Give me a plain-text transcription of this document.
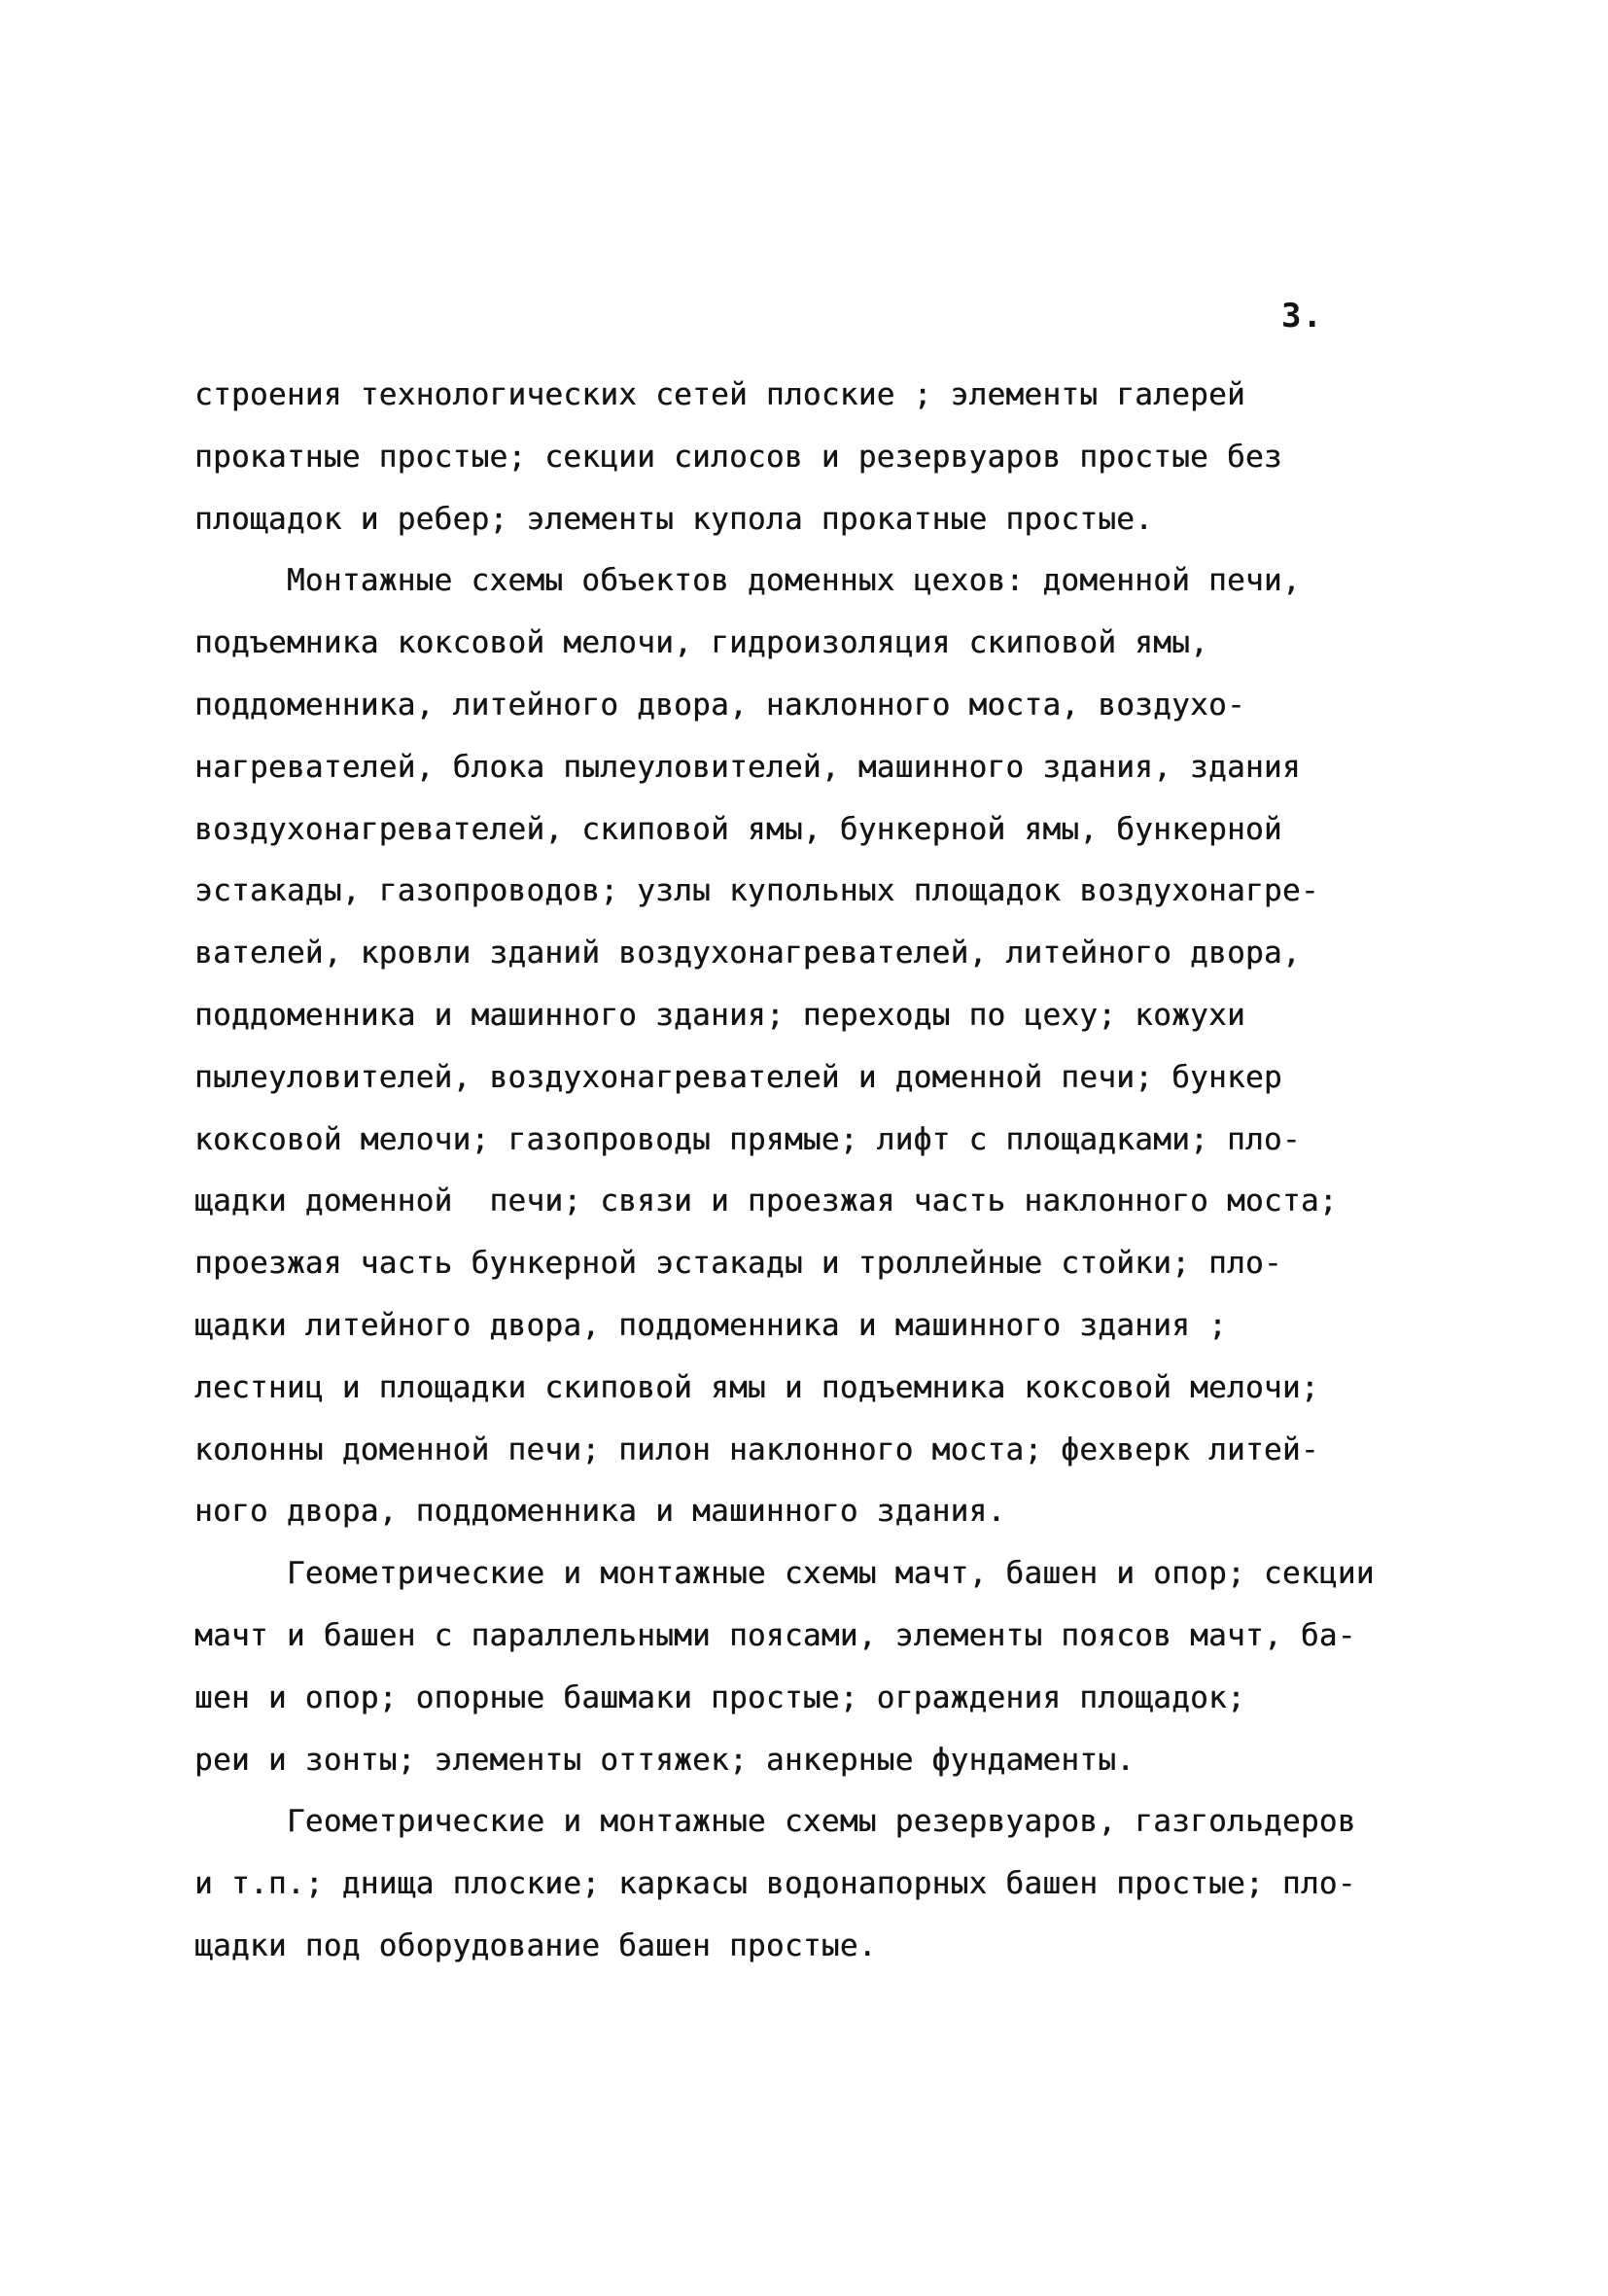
3.
строения технологических сетей плоские ; элементы галерей
прокатные простые; секции силосов и резервуаров простые без
площадок и ребер; элементы купола прокатные простые.
Монтажные схемы объектов доменных цехов: доменной печи,
подъемника коксовой мелочи, гидроизоляция скиповой ямы,
поддоменника, литейного двора, наклонного моста, воздухо-
нагревателей, блока пылеуловителей, машинного здания, здания
воздухонагревателей, скиповой ямы, бункерной ямы, бункерной
эстакады, газопроводов; узлы купольных площадок воздухонагре-
вателей, кровли зданий воздухонагревателей, литейного двора,
поддоменника и машинного здания; переходы по цеху; кожухи
пылеуловителей, воздухонагревателей и доменной печи; бункер
коксовой мелочи; газопроводы прямые; лифт с площадками; пло-
щадки доменной  печи; связи и проезжая часть наклонного моста;
проезжая часть бункерной эстакады и троллейные стойки; пло-
щадки литейного двора, поддоменника и машинного здания ;
лестниц и площадки скиповой ямы и подъемника коксовой мелочи;
колонны доменной печи; пилон наклонного моста; фехверк литей-
ного двора, поддоменника и машинного здания.
Геометрические и монтажные схемы мачт, башен и опор; секции
мачт и башен с параллельными поясами, элементы поясов мачт, ба-
шен и опор; опорные башмаки простые; ограждения площадок;
реи и зонты; элементы оттяжек; анкерные фундаменты.
Геометрические и монтажные схемы резервуаров, газгольдеров
и т.п.; днища плоские; каркасы водонапорных башен простые; пло-
щадки под оборудование башен простые.
